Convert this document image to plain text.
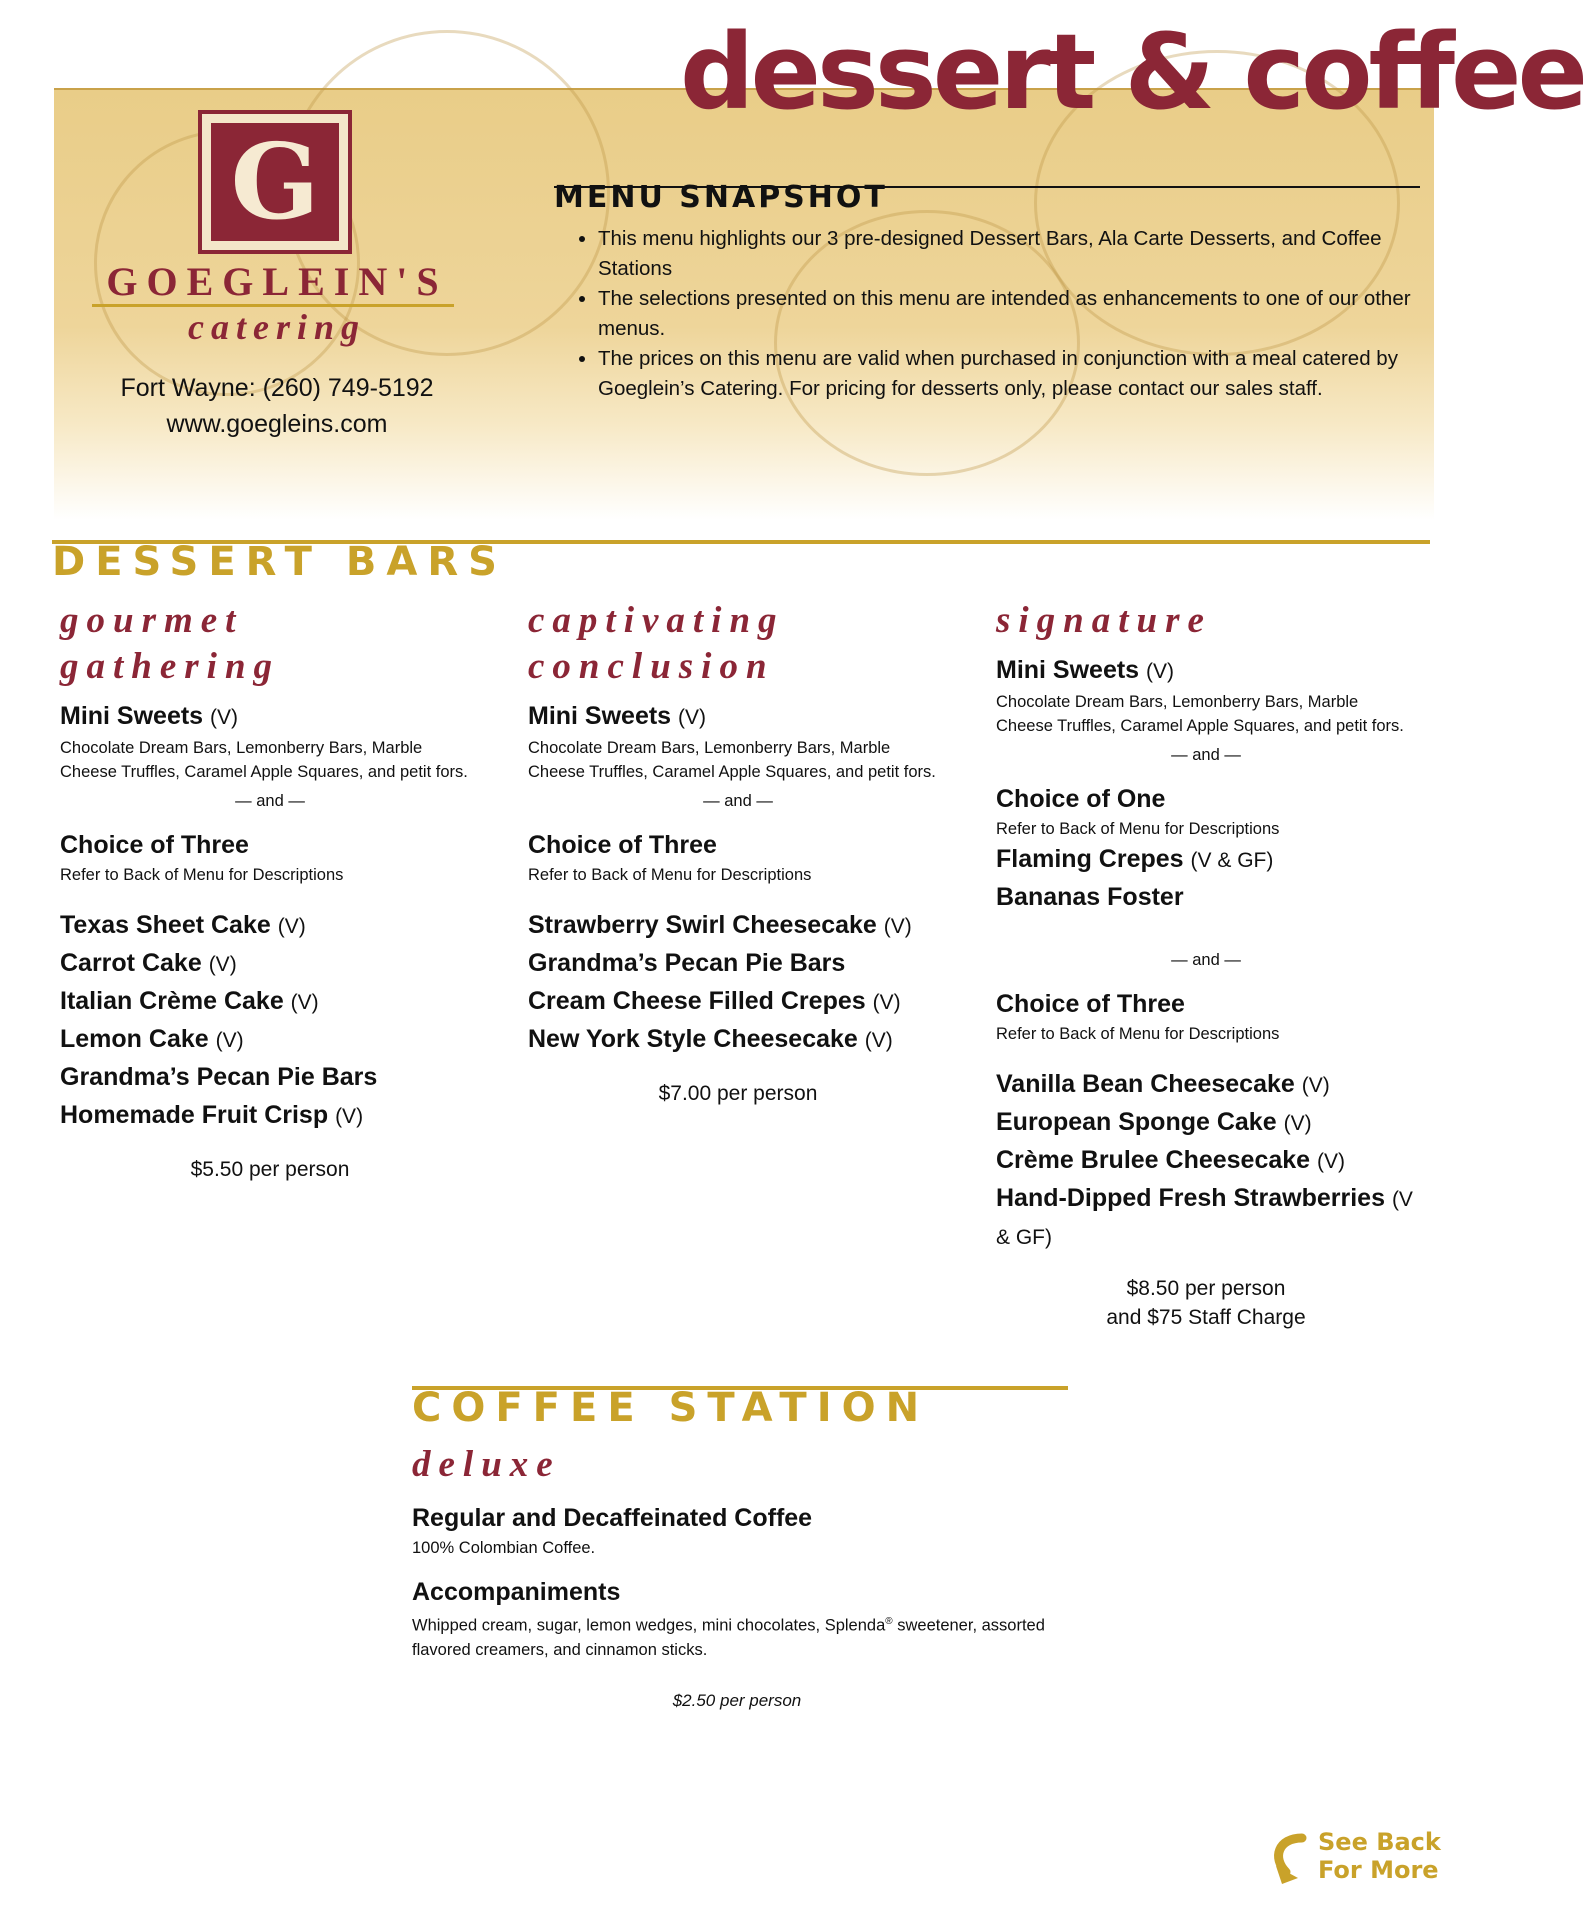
dessert & coffee
G
GOEGLEIN'S
catering
Fort Wayne: (260) 749-5192
www.goegleins.com
MENU SNAPSHOT
• This menu highlights our 3 pre-designed Dessert Bars, Ala Carte Desserts, and Coffee Stations
• The selections presented on this menu are intended as enhancements to one of our other menus.
• The prices on this menu are valid when purchased in conjunction with a meal catered by Goeglein’s Catering. For pricing for desserts only, please contact our sales staff.
DESSERT BARS
gourmet
gathering
Mini Sweets (V)

Chocolate Dream Bars, Lemonberry Bars, Marble Cheese Truffles, Caramel Apple Squares, and petit fors.

— and —
Choice of Three

Refer to Back of Menu for Descriptions

Texas Sheet Cake (V)
Carrot Cake (V)
Italian Crème Cake (V)
Lemon Cake (V)
Grandma’s Pecan Pie Bars
Homemade Fruit Crisp (V)
$5.50 per person
captivating
conclusion
Mini Sweets (V)

Chocolate Dream Bars, Lemonberry Bars, Marble Cheese Truffles, Caramel Apple Squares, and petit fors.

— and —
Choice of Three

Refer to Back of Menu for Descriptions

Strawberry Swirl Cheesecake (V)
Grandma’s Pecan Pie Bars
Cream Cheese Filled Crepes (V)
New York Style Cheesecake (V)
$7.00 per person
signature
Mini Sweets (V)

Chocolate Dream Bars, Lemonberry Bars, Marble Cheese Truffles, Caramel Apple Squares, and petit fors.

— and —
Choice of One

Refer to Back of Menu for Descriptions

Flaming Crepes (V & GF)
Bananas Foster
— and —
Choice of Three

Refer to Back of Menu for Descriptions

Vanilla Bean Cheesecake (V)
European Sponge Cake (V)
Crème Brulee Cheesecake (V)
Hand-Dipped Fresh Strawberries (V & GF)
$8.50 per person
and $75 Staff Charge
COFFEE STATION
deluxe
Regular and Decaffeinated Coffee

100% Colombian Coffee.

Accompaniments

Whipped cream, sugar, lemon wedges, mini chocolates, Splenda® sweetener, assorted flavored creamers, and cinnamon sticks.

$2.50 per person
See Back
For More
